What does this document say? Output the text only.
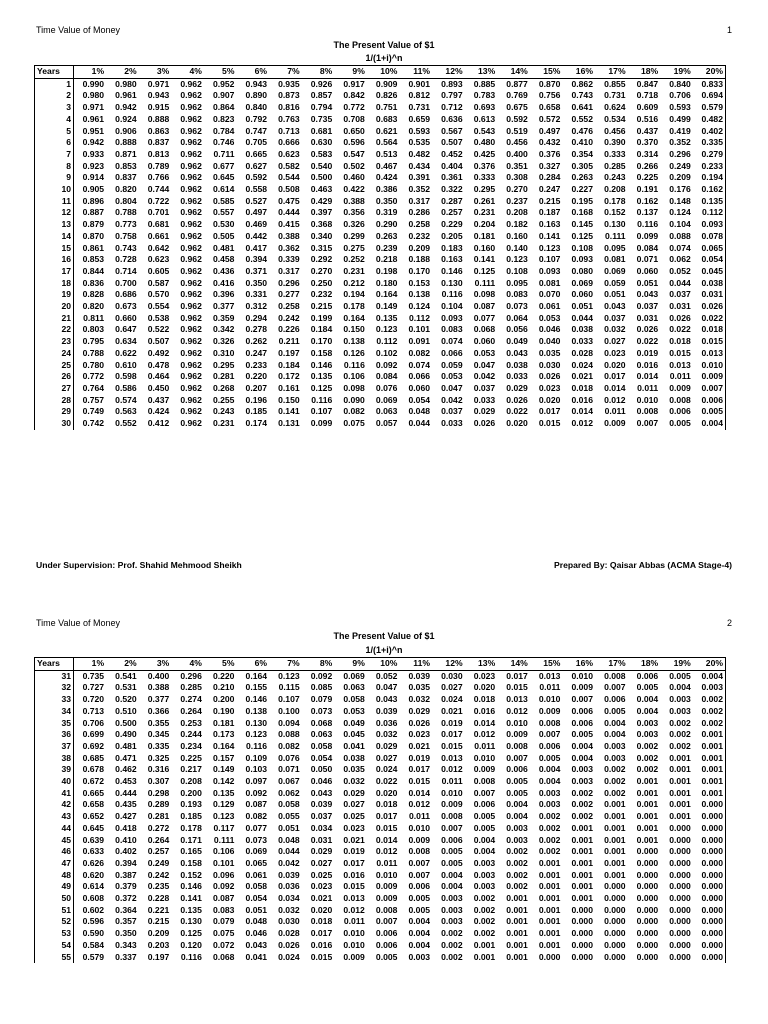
Time Value of Money	1
The Present Value of $1
1/(1+i)^n
Years	1%	2%	3%	4%	5%	6%	7%	8%	9%	10%	11%	12%	13%	14%	15%	16%	17%	18%	19%	20%
1	0.990	0.980	0.971	0.962	0.952	0.943	0.935	0.926	0.917	0.909	0.901	0.893	0.885	0.877	0.870	0.862	0.855	0.847	0.840	0.833
2	0.980	0.961	0.943	0.962	0.907	0.890	0.873	0.857	0.842	0.826	0.812	0.797	0.783	0.769	0.756	0.743	0.731	0.718	0.706	0.694
3	0.971	0.942	0.915	0.962	0.864	0.840	0.816	0.794	0.772	0.751	0.731	0.712	0.693	0.675	0.658	0.641	0.624	0.609	0.593	0.579
4	0.961	0.924	0.888	0.962	0.823	0.792	0.763	0.735	0.708	0.683	0.659	0.636	0.613	0.592	0.572	0.552	0.534	0.516	0.499	0.482
5	0.951	0.906	0.863	0.962	0.784	0.747	0.713	0.681	0.650	0.621	0.593	0.567	0.543	0.519	0.497	0.476	0.456	0.437	0.419	0.402
6	0.942	0.888	0.837	0.962	0.746	0.705	0.666	0.630	0.596	0.564	0.535	0.507	0.480	0.456	0.432	0.410	0.390	0.370	0.352	0.335
7	0.933	0.871	0.813	0.962	0.711	0.665	0.623	0.583	0.547	0.513	0.482	0.452	0.425	0.400	0.376	0.354	0.333	0.314	0.296	0.279
8	0.923	0.853	0.789	0.962	0.677	0.627	0.582	0.540	0.502	0.467	0.434	0.404	0.376	0.351	0.327	0.305	0.285	0.266	0.249	0.233
9	0.914	0.837	0.766	0.962	0.645	0.592	0.544	0.500	0.460	0.424	0.391	0.361	0.333	0.308	0.284	0.263	0.243	0.225	0.209	0.194
10	0.905	0.820	0.744	0.962	0.614	0.558	0.508	0.463	0.422	0.386	0.352	0.322	0.295	0.270	0.247	0.227	0.208	0.191	0.176	0.162
11	0.896	0.804	0.722	0.962	0.585	0.527	0.475	0.429	0.388	0.350	0.317	0.287	0.261	0.237	0.215	0.195	0.178	0.162	0.148	0.135
12	0.887	0.788	0.701	0.962	0.557	0.497	0.444	0.397	0.356	0.319	0.286	0.257	0.231	0.208	0.187	0.168	0.152	0.137	0.124	0.112
13	0.879	0.773	0.681	0.962	0.530	0.469	0.415	0.368	0.326	0.290	0.258	0.229	0.204	0.182	0.163	0.145	0.130	0.116	0.104	0.093
14	0.870	0.758	0.661	0.962	0.505	0.442	0.388	0.340	0.299	0.263	0.232	0.205	0.181	0.160	0.141	0.125	0.111	0.099	0.088	0.078
15	0.861	0.743	0.642	0.962	0.481	0.417	0.362	0.315	0.275	0.239	0.209	0.183	0.160	0.140	0.123	0.108	0.095	0.084	0.074	0.065
16	0.853	0.728	0.623	0.962	0.458	0.394	0.339	0.292	0.252	0.218	0.188	0.163	0.141	0.123	0.107	0.093	0.081	0.071	0.062	0.054
17	0.844	0.714	0.605	0.962	0.436	0.371	0.317	0.270	0.231	0.198	0.170	0.146	0.125	0.108	0.093	0.080	0.069	0.060	0.052	0.045
18	0.836	0.700	0.587	0.962	0.416	0.350	0.296	0.250	0.212	0.180	0.153	0.130	0.111	0.095	0.081	0.069	0.059	0.051	0.044	0.038
19	0.828	0.686	0.570	0.962	0.396	0.331	0.277	0.232	0.194	0.164	0.138	0.116	0.098	0.083	0.070	0.060	0.051	0.043	0.037	0.031
20	0.820	0.673	0.554	0.962	0.377	0.312	0.258	0.215	0.178	0.149	0.124	0.104	0.087	0.073	0.061	0.051	0.043	0.037	0.031	0.026
21	0.811	0.660	0.538	0.962	0.359	0.294	0.242	0.199	0.164	0.135	0.112	0.093	0.077	0.064	0.053	0.044	0.037	0.031	0.026	0.022
22	0.803	0.647	0.522	0.962	0.342	0.278	0.226	0.184	0.150	0.123	0.101	0.083	0.068	0.056	0.046	0.038	0.032	0.026	0.022	0.018
23	0.795	0.634	0.507	0.962	0.326	0.262	0.211	0.170	0.138	0.112	0.091	0.074	0.060	0.049	0.040	0.033	0.027	0.022	0.018	0.015
24	0.788	0.622	0.492	0.962	0.310	0.247	0.197	0.158	0.126	0.102	0.082	0.066	0.053	0.043	0.035	0.028	0.023	0.019	0.015	0.013
25	0.780	0.610	0.478	0.962	0.295	0.233	0.184	0.146	0.116	0.092	0.074	0.059	0.047	0.038	0.030	0.024	0.020	0.016	0.013	0.010
26	0.772	0.598	0.464	0.962	0.281	0.220	0.172	0.135	0.106	0.084	0.066	0.053	0.042	0.033	0.026	0.021	0.017	0.014	0.011	0.009
27	0.764	0.586	0.450	0.962	0.268	0.207	0.161	0.125	0.098	0.076	0.060	0.047	0.037	0.029	0.023	0.018	0.014	0.011	0.009	0.007
28	0.757	0.574	0.437	0.962	0.255	0.196	0.150	0.116	0.090	0.069	0.054	0.042	0.033	0.026	0.020	0.016	0.012	0.010	0.008	0.006
29	0.749	0.563	0.424	0.962	0.243	0.185	0.141	0.107	0.082	0.063	0.048	0.037	0.029	0.022	0.017	0.014	0.011	0.008	0.006	0.005
30	0.742	0.552	0.412	0.962	0.231	0.174	0.131	0.099	0.075	0.057	0.044	0.033	0.026	0.020	0.015	0.012	0.009	0.007	0.005	0.004
Under Supervision: Prof. Shahid Mehmood Sheikh	Prepared By: Qaisar Abbas (ACMA Stage-4)
Time Value of Money	2
The Present Value of $1
1/(1+i)^n
Years	1%	2%	3%	4%	5%	6%	7%	8%	9%	10%	11%	12%	13%	14%	15%	16%	17%	18%	19%	20%
31	0.735	0.541	0.400	0.296	0.220	0.164	0.123	0.092	0.069	0.052	0.039	0.030	0.023	0.017	0.013	0.010	0.008	0.006	0.005	0.004
32	0.727	0.531	0.388	0.285	0.210	0.155	0.115	0.085	0.063	0.047	0.035	0.027	0.020	0.015	0.011	0.009	0.007	0.005	0.004	0.003
33	0.720	0.520	0.377	0.274	0.200	0.146	0.107	0.079	0.058	0.043	0.032	0.024	0.018	0.013	0.010	0.007	0.006	0.004	0.003	0.002
34	0.713	0.510	0.366	0.264	0.190	0.138	0.100	0.073	0.053	0.039	0.029	0.021	0.016	0.012	0.009	0.006	0.005	0.004	0.003	0.002
35	0.706	0.500	0.355	0.253	0.181	0.130	0.094	0.068	0.049	0.036	0.026	0.019	0.014	0.010	0.008	0.006	0.004	0.003	0.002	0.002
36	0.699	0.490	0.345	0.244	0.173	0.123	0.088	0.063	0.045	0.032	0.023	0.017	0.012	0.009	0.007	0.005	0.004	0.003	0.002	0.001
37	0.692	0.481	0.335	0.234	0.164	0.116	0.082	0.058	0.041	0.029	0.021	0.015	0.011	0.008	0.006	0.004	0.003	0.002	0.002	0.001
38	0.685	0.471	0.325	0.225	0.157	0.109	0.076	0.054	0.038	0.027	0.019	0.013	0.010	0.007	0.005	0.004	0.003	0.002	0.001	0.001
39	0.678	0.462	0.316	0.217	0.149	0.103	0.071	0.050	0.035	0.024	0.017	0.012	0.009	0.006	0.004	0.003	0.002	0.002	0.001	0.001
40	0.672	0.453	0.307	0.208	0.142	0.097	0.067	0.046	0.032	0.022	0.015	0.011	0.008	0.005	0.004	0.003	0.002	0.001	0.001	0.001
41	0.665	0.444	0.298	0.200	0.135	0.092	0.062	0.043	0.029	0.020	0.014	0.010	0.007	0.005	0.003	0.002	0.002	0.001	0.001	0.001
42	0.658	0.435	0.289	0.193	0.129	0.087	0.058	0.039	0.027	0.018	0.012	0.009	0.006	0.004	0.003	0.002	0.001	0.001	0.001	0.000
43	0.652	0.427	0.281	0.185	0.123	0.082	0.055	0.037	0.025	0.017	0.011	0.008	0.005	0.004	0.002	0.002	0.001	0.001	0.001	0.000
44	0.645	0.418	0.272	0.178	0.117	0.077	0.051	0.034	0.023	0.015	0.010	0.007	0.005	0.003	0.002	0.001	0.001	0.001	0.000	0.000
45	0.639	0.410	0.264	0.171	0.111	0.073	0.048	0.031	0.021	0.014	0.009	0.006	0.004	0.003	0.002	0.001	0.001	0.001	0.000	0.000
46	0.633	0.402	0.257	0.165	0.106	0.069	0.044	0.029	0.019	0.012	0.008	0.005	0.004	0.002	0.002	0.001	0.001	0.000	0.000	0.000
47	0.626	0.394	0.249	0.158	0.101	0.065	0.042	0.027	0.017	0.011	0.007	0.005	0.003	0.002	0.001	0.001	0.001	0.000	0.000	0.000
48	0.620	0.387	0.242	0.152	0.096	0.061	0.039	0.025	0.016	0.010	0.007	0.004	0.003	0.002	0.001	0.001	0.001	0.000	0.000	0.000
49	0.614	0.379	0.235	0.146	0.092	0.058	0.036	0.023	0.015	0.009	0.006	0.004	0.003	0.002	0.001	0.001	0.000	0.000	0.000	0.000
50	0.608	0.372	0.228	0.141	0.087	0.054	0.034	0.021	0.013	0.009	0.005	0.003	0.002	0.001	0.001	0.001	0.000	0.000	0.000	0.000
51	0.602	0.364	0.221	0.135	0.083	0.051	0.032	0.020	0.012	0.008	0.005	0.003	0.002	0.001	0.001	0.000	0.000	0.000	0.000	0.000
52	0.596	0.357	0.215	0.130	0.079	0.048	0.030	0.018	0.011	0.007	0.004	0.003	0.002	0.001	0.001	0.000	0.000	0.000	0.000	0.000
53	0.590	0.350	0.209	0.125	0.075	0.046	0.028	0.017	0.010	0.006	0.004	0.002	0.002	0.001	0.001	0.000	0.000	0.000	0.000	0.000
54	0.584	0.343	0.203	0.120	0.072	0.043	0.026	0.016	0.010	0.006	0.004	0.002	0.001	0.001	0.001	0.000	0.000	0.000	0.000	0.000
55	0.579	0.337	0.197	0.116	0.068	0.041	0.024	0.015	0.009	0.005	0.003	0.002	0.001	0.001	0.000	0.000	0.000	0.000	0.000	0.000
